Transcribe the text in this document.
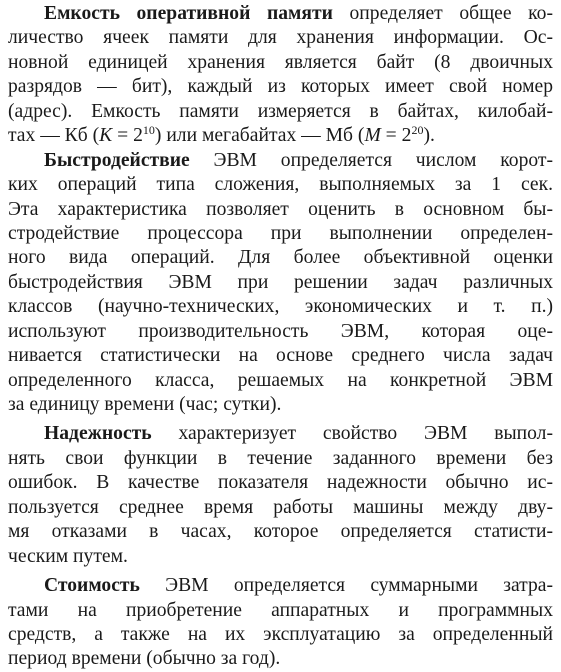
Емкость оперативной памяти определяет общее ко-
личество ячеек памяти для хранения информации. Ос-
новной единицей хранения является байт (8 двоичных
разрядов — бит), каждый из которых имеет свой номер
(адрес). Емкость памяти измеряется в байтах, килобай-
тах — Кб $(K = 2^{10})$ или мегабайтах — Мб $(M = 2^{20})$.
Быстродействие ЭВМ определяется числом корот-
ких операций типа сложения, выполняемых за 1 сек.
Эта характеристика позволяет оценить в основном бы-
стродействие процессора при выполнении определен-
ного вида операций. Для более объективной оценки
быстродействия ЭВМ при решении задач различных
классов (научно-технических, экономических и т. п.)
используют производительность ЭВМ, которая оце-
нивается статистически на основе среднего числа задач
определенного класса, решаемых на конкретной ЭВМ
за единицу времени (час; сутки).
Надежность характеризует свойство ЭВМ выпол-
нять свои функции в течение заданного времени без
ошибок. В качестве показателя надежности обычно ис-
пользуется среднее время работы машины между дву-
мя отказами в часах, которое определяется статисти-
ческим путем.
Стоимость ЭВМ определяется суммарными затра-
тами на приобретение аппаратных и программных
средств, а также на их эксплуатацию за определенный
период времени (обычно за год).
